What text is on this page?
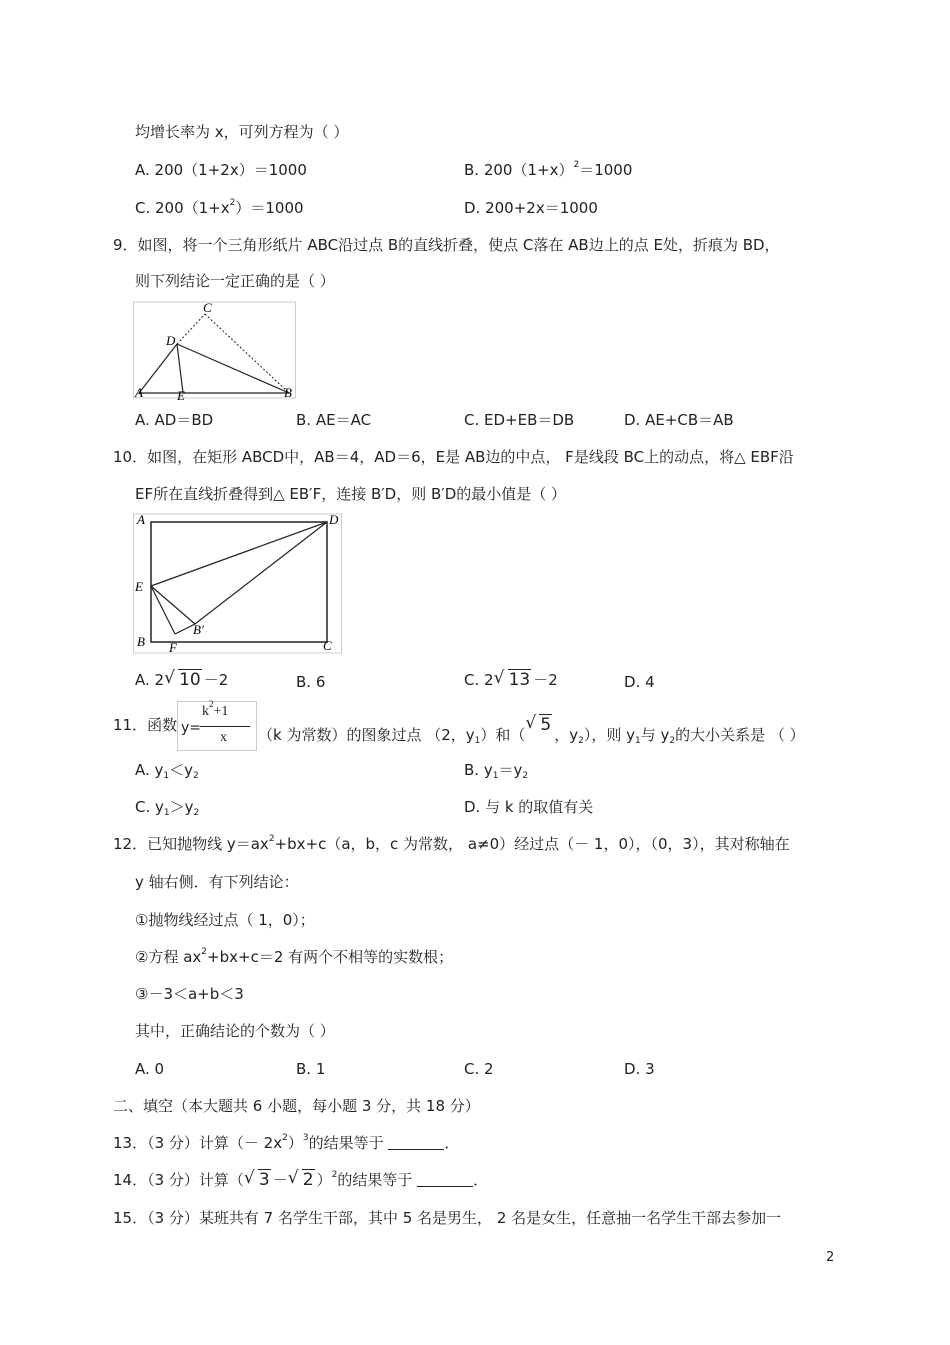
均增长率为 x，可列方程为（ ）
A. 200（1+2x）＝1000	B. $200(1+x)^2=1000$
C. $200(1+x^2)=1000$	D. 200+2x＝1000
9．如图，将一个三角形纸片 ABC沿过点 B的直线折叠，使点 C落在 AB边上的点 E处，折痕为 BD，
则下列结论一定正确的是（ ）
C
D
A	E	B
A. AD＝BD	B. AE＝AC	C. ED+EB＝DB	D. AE+CB＝AB
10．如图，在矩形 ABCD中，AB＝4，AD＝6，E是 AB边的中点， F是线段 BC上的动点，将△ EBF沿
EF所在直线折叠得到△ EB′F，连接 B′D，则 B′D的最小值是（ ）
A	D
E
B F
B′
C
A. 2 √ 10 －2	B. 6	C. 2 √ 13 －2	D. 4
11．函数 y=
$k^2+1$
x （k 为常数）的图象过点 （2，$y_1$）和（ √ 5 ，$y_2$），则 $y_1$与 $y_2$的大小关系是 （ ）
A. $y_1<y_2$	B. $y_1=y_2$
C. $y_1>y_2$	D. 与 k 的取值有关
12．已知抛物线 $y=ax^2+bx+c(a$，b，c 为常数， a≠0）经过点（－ 1，0），（0，3），其对称轴在
y 轴右侧．有下列结论：
①抛物线经过点（ 1，0）；
②方程 $ax^2+bx+c=2$ 有两个不相等的实数根；
③－3＜a+b＜3
其中，正确结论的个数为（ ）
A. 0	B. 1	C. 2	D. 3
二、填空（本大题共 6 小题，每小题 3 分，共 18 分）
13．（3 分）计算（－ $2x^2)^3$的结果等于	．
14．（3 分）计算（ √ 3 － √ 2 ）$^2$的结果等于	．
15．（3 分）某班共有 7 名学生干部，其中 5 名是男生， 2 名是女生，任意抽一名学生干部去参加一
2
